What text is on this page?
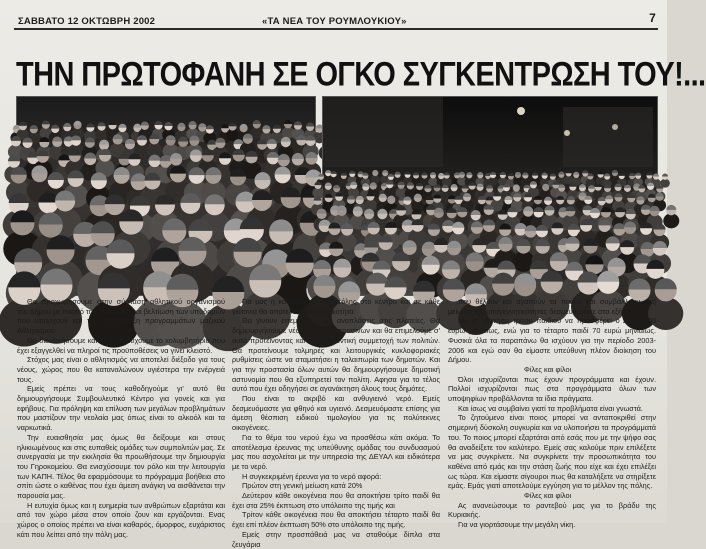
ΣΑΒΒΑΤΟ 12 ΟΚΤΩΒΡΗ 2002	«ΤΑ ΝΕΑ ΤΟΥ ΡΟΥΜΛΟΥΚΙΟΥ»	7
ΤΗΝ ΠΡΩΤΟΦΑΝΗ ΣΕ ΟΓΚΟ ΣΥΓΚΕΝΤΡΩΣΗ ΤΟΥ!...

Θα προχωρήσουμε στην σύσταση αθλητικού οργανισμού του Δήμου με σκοπό την ανάπτυξη και βελτίωση των υποδομών που υπάρχουν και την υποστήριξη προγραμμάτων μαζικού Αθλητισμού.

Θα διεκδικήσουμε και θα το πετύχουμε το κολυμβητήριο που έχει εξαγγελθεί να πληροί τις προϋποθέσεις να γίνει κλειστό.

Στόχος μας είναι ο αθλητισμός να αποτελεί διέξοδο για τους νέους, χώρος που θα καταναλώνουν υγιέστερα την ενέργειά τους.

Εμείς πρέπει να τους καθοδηγούμε γι' αυτό θα δημιουργήσουμε Συμβουλευτικό Κέντρο για γονείς και για εφήβους. Για πρόληψη και επίλυση των μεγάλων προβλημάτων που μαστίζουν την νεολαία μας όπως είναι το αλκοόλ και τα ναρκωτικά.

Την ευαισθησία μας όμως θα δείξουμε και στους ηλικιωμένους και στις ευπαθείς ομάδες των συμπολιτών μας. Σε συνεργασία με την εκκλησία θα προωθήσουμε την δημιουργία του Γηροκομείου. Θα ενισχύσουμε τον ρόλο και την λειτουργία των ΚΑΠΗ. Τέλος θα εφαρμόσουμε το πρόγραμμα βοήθεια στο σπίτι ώστε ο καθένας που έχει άμεση ανάγκη να αισθάνεται την παρουσία μας.

Η ευτυχία όμως και η ευημερία των ανθρώπων εξαρτάται και από τον χώρο μέσα στον οποίο ζουν και εργάζονται. Ενας χώρος ο οποίος πρέπει να είναι καθαρός, όμορφος, ευχάριστος κάτι που λείπει από την πόλη μας.

Για μας η καθαριότητα της πόλης στο κέντρο και σε κάθε γειτονιά θα αποτελούν προτεραιότητα.

Θα γίνουν επεμβάσεις και αναπλάσεις στις πλατείες. Θα δημιουργήσουμε νέους χώρους πρασίνων και θα επιμελούμε σ' αυτό προτείνοντας και την εθελοντική συμμετοχή των πολιτών. Θα προτείνουμε τολμηρές και λειτουργικές κυκλοφοριακές ρυθμίσεις ώστε να σταματήσει η ταλαιπωρία των δημοτών. Και για την προστασία όλων αυτών θα δημιουργήσουμε δημοτική αστυνομία που θα εξυπηρετεί τον πολίτη. Αφησα για το τέλος αυτό που έχει οδηγήσει σε αγανάκτηση όλους τους δημότες.

Που είναι το ακριβό και ανθυγιεινό νερό. Εμείς δεσμευόμαστε για φθηνό και υγιεινό. Δεσμευόμαστε επίσης για άμεση θέσπιση ειδικού τιμολογίου για τις πολύτεκνες οικογένειες.

Για το θέμα του νερού έχω να προσθέσω κάτι ακόμα. Το αποτέλεσμα έρευνας της υπεύθυνης ομάδας του συνδυασμού μας που ασχολείται με την υπηρεσία της ΔΕΥΑΛ και ειδικότερα με το νερό.

Η συγκεκριμένη έρευνα για το νερό αφορά:

Πρώτον στη γενική μείωση κατά 20%

Δεύτερον κάθε οικογένεια που θα αποκτήσει τρίτο παιδί θα έχει στα 25% έκπτωση στο υπόλοιπο της τιμής και

Τρίτον κάθε οικογένεια που θα αποκτήσει τέταρτο παιδί θα έχει επί πλέον έκπτωση 50% στο υπόλοιπο της τιμής.

Εμείς στην προσπάθειά μας να σταθούμε δίπλα στα ζευγάρια

που θέλουν και αγαπούν τα παιδιά και συμβάλλουν στη μείωση της υπογεννητικότητας δεσμευόμαστε στα εξής:

Με τη γέννηση τρίτου παιδιού να προσφέρει ο Δήμος 60 ευρώ μηνιαίως, ενώ για το τέταρτο παιδί 70 ευρώ μηνιαίως. Φυσικά όλα τα παραπάνω θα ισχύουν για την περίοδο 2003-2006 και εγώ σαν θα είμαστε υπεύθυνη πλέον διοίκηση του Δήμου.

Φίλες και φίλοι

Όλοι ισχυρίζονται πως έχουν προγράμματα και έχουν. Πολλοί ισχυρίζονται πως στα προγράμματα όλων των υποψηφίων προβάλλονται τα ίδια πράγματα.

Και ίσως να συμβαίνει γιατί τα προβλήματα είναι γνωστά.

Το ζητούμενο είναι ποιος μπορεί να ανταποκριθεί στην σημερινή δύσκολη συγκυρία και να υλοποιήσει τα προγράμματά του. Το ποιος μπορεί εξαρτάται από εσάς που με την ψήφο σας θα αναδείξετε τον καλύτερο. Εμείς σας καλούμε πριν επιλέξετε να μας συγκρίνετε. Να συγκρίνετε την προσωπικότητα του καθένα από εμάς και την στάση ζωής που είχε και έχει επιλέξει ως τώρα. Και είμαστε σίγουροι πως θα καταλήξετε να στηρίξετε εμάς. Εμάς γιατί αποτελούμε εγγύηση για το μέλλον της πόλης.

Φίλες και φίλοι

Ας ανανεώσουμε το ραντεβού μας για το βράδυ της Κυριακής.

Για να γιορτάσουμε την μεγάλη νίκη.
